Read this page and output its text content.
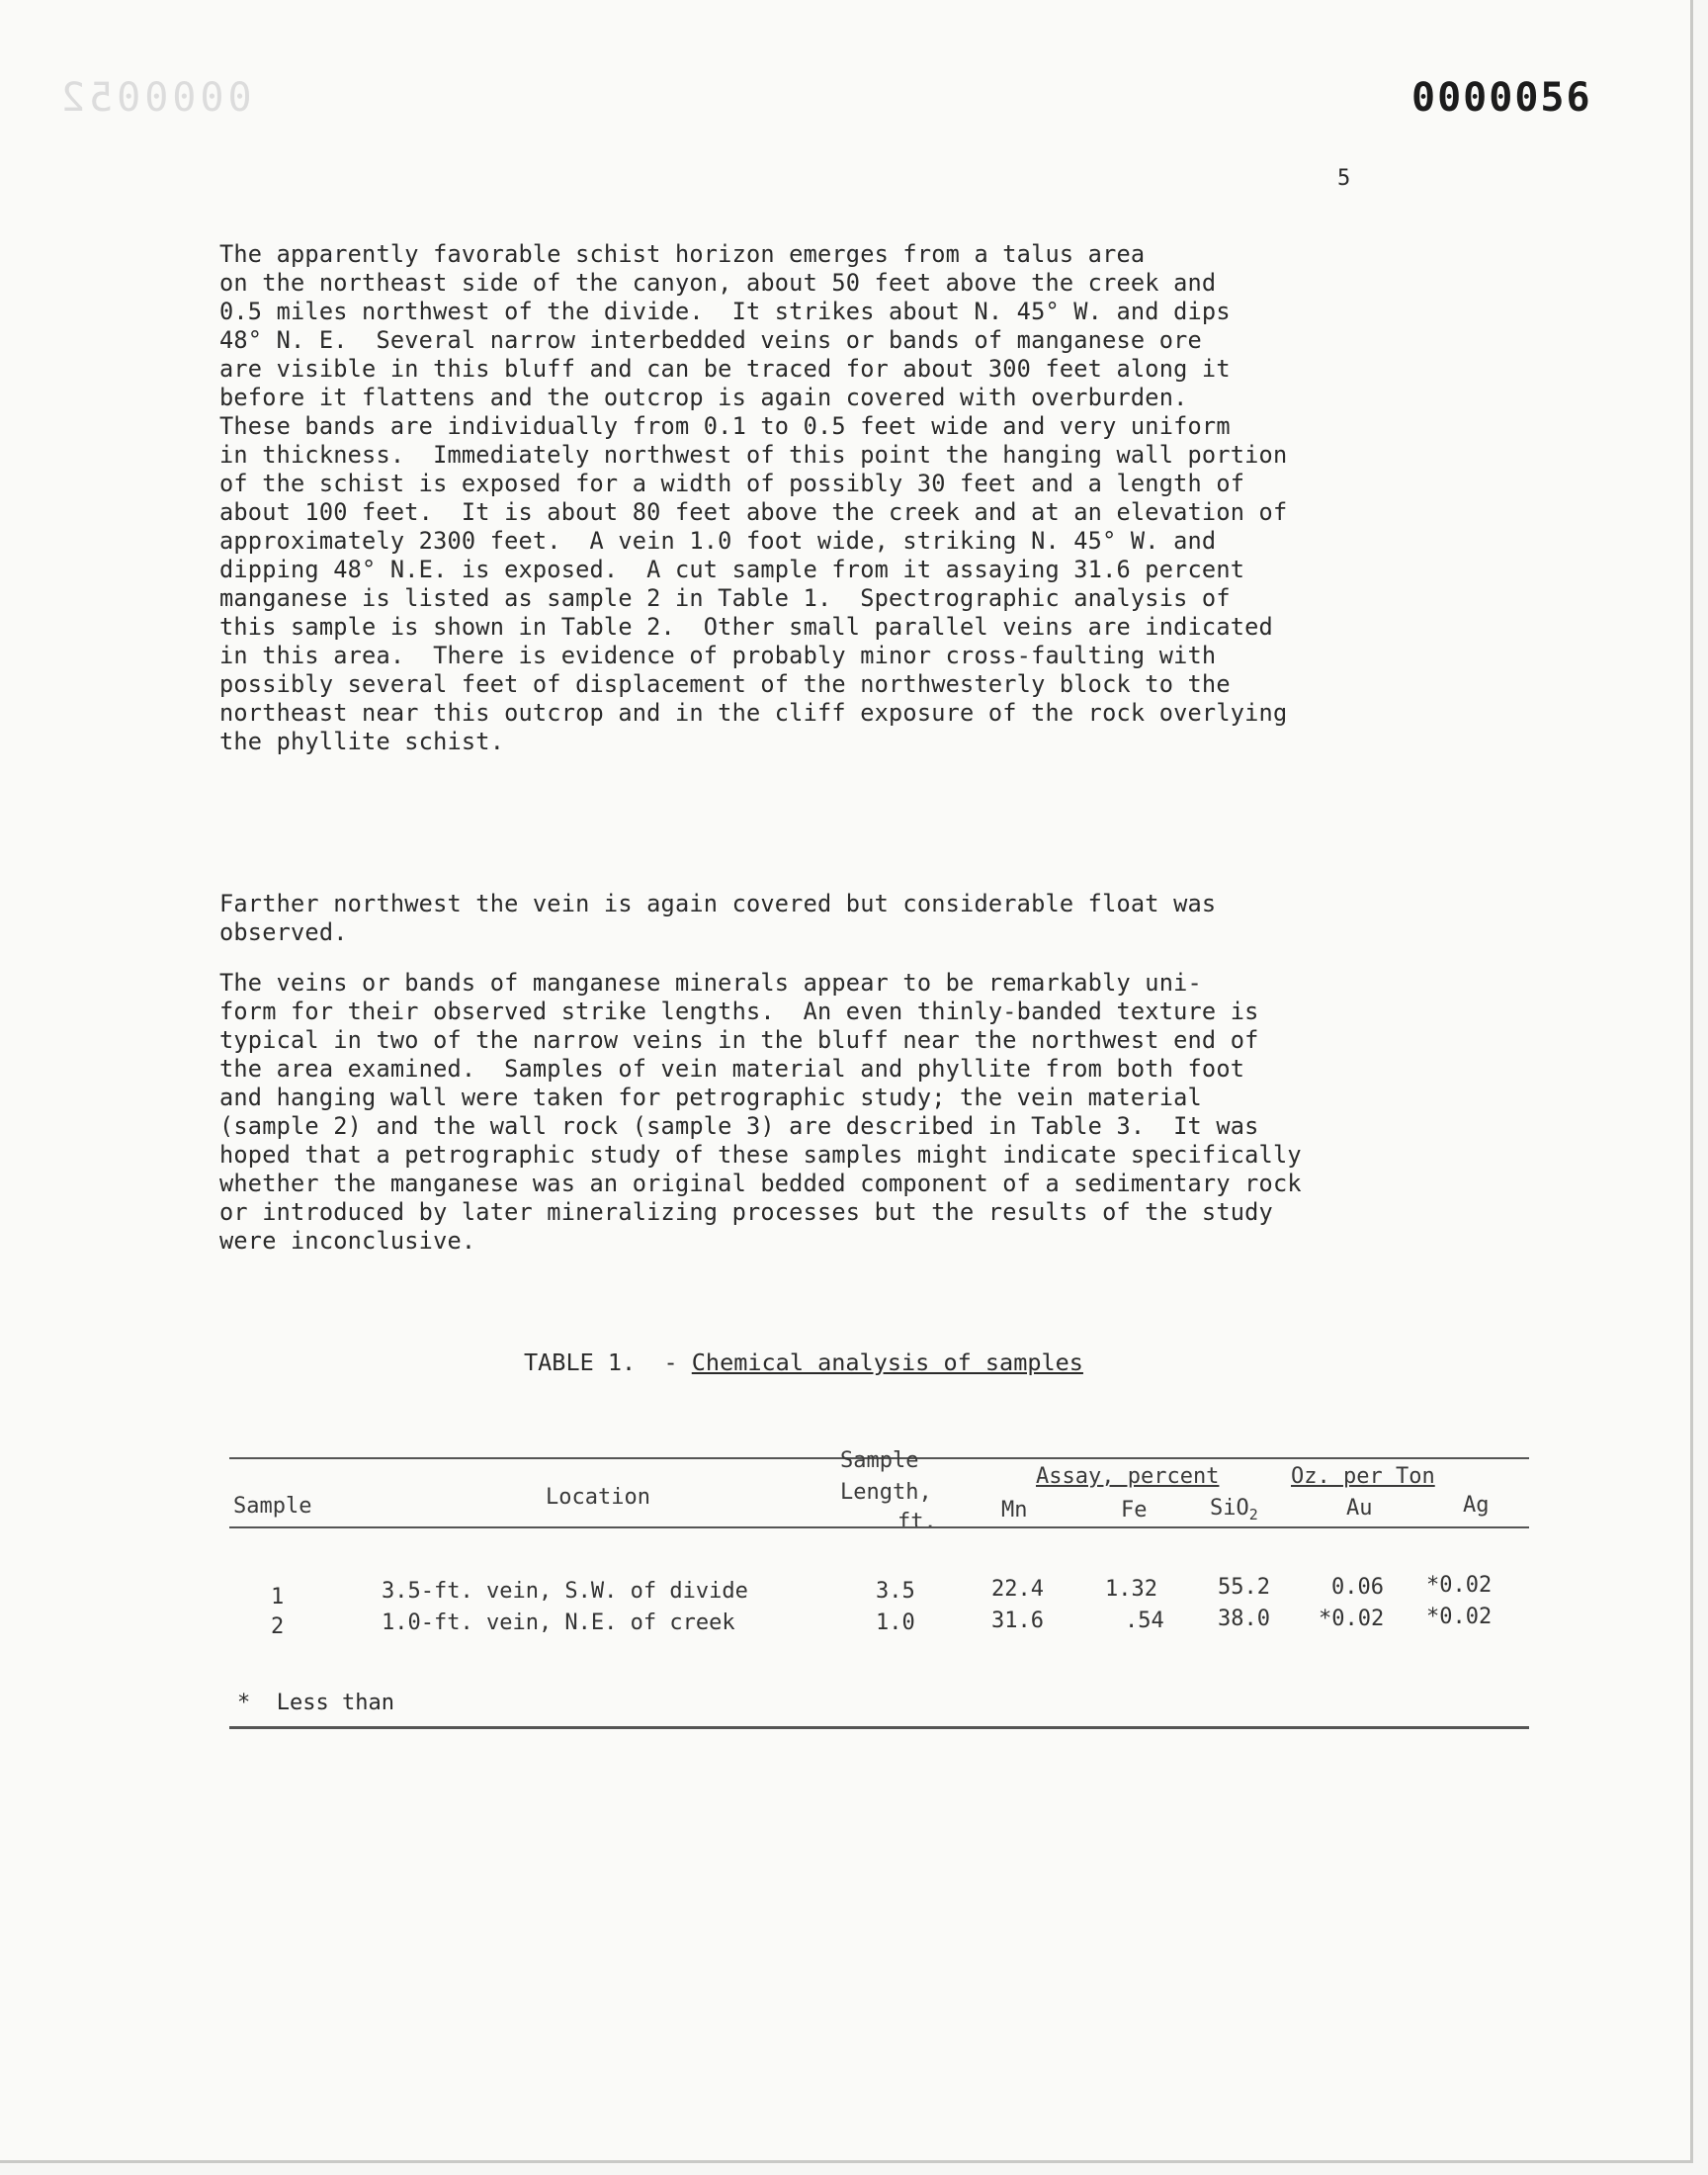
0000052	0000056
5
The apparently favorable schist horizon emerges from a talus area
on the northeast side of the canyon, about 50 feet above the creek and
0.5 miles northwest of the divide.  It strikes about N. 45° W. and dips
48° N. E.  Several narrow interbedded veins or bands of manganese ore
are visible in this bluff and can be traced for about 300 feet along it
before it flattens and the outcrop is again covered with overburden.
These bands are individually from 0.1 to 0.5 feet wide and very uniform
in thickness.  Immediately northwest of this point the hanging wall portion
of the schist is exposed for a width of possibly 30 feet and a length of
about 100 feet.  It is about 80 feet above the creek and at an elevation of
approximately 2300 feet.  A vein 1.0 foot wide, striking N. 45° W. and
dipping 48° N.E. is exposed.  A cut sample from it assaying 31.6 percent
manganese is listed as sample 2 in Table 1.  Spectrographic analysis of
this sample is shown in Table 2.  Other small parallel veins are indicated
in this area.  There is evidence of probably minor cross-faulting with
possibly several feet of displacement of the northwesterly block to the
northeast near this outcrop and in the cliff exposure of the rock overlying
the phyllite schist.
Farther northwest the vein is again covered but considerable float was
observed.
The veins or bands of manganese minerals appear to be remarkably uni-
form for their observed strike lengths.  An even thinly-banded texture is
typical in two of the narrow veins in the bluff near the northwest end of
the area examined.  Samples of vein material and phyllite from both foot
and hanging wall were taken for petrographic study; the vein material
(sample 2) and the wall rock (sample 3) are described in Table 3.  It was
hoped that a petrographic study of these samples might indicate specifically
whether the manganese was an original bedded component of a sedimentary rock
or introduced by later mineralizing processes but the results of the study
were inconclusive.
TABLE 1.  - Chemical analysis of samples
Sample	Location
Sample
Length,
ft.
Assay, percent
Mn	Fe	SiO$_2$
Oz. per Ton
Au	Ag
1	3.5-ft. vein, S.W. of divide	3.5	22.4	1.32	55.2	0.06 *0.02
2	1.0-ft. vein, N.E. of creek	1.0	31.6	.54 38.0 *0.02 *0.02
*  Less than
